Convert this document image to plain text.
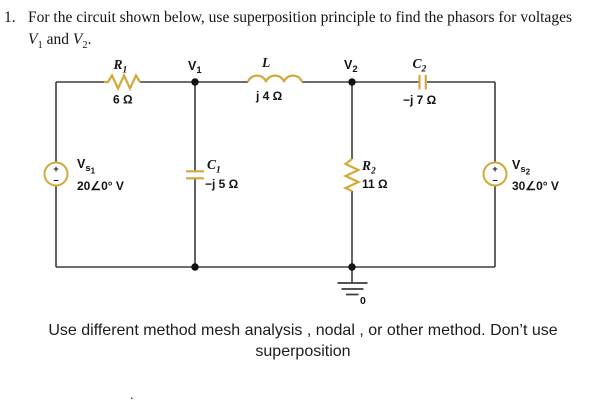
1. For the circuit shown below, use superposition principle to find the phasors for voltages
$V_1$ and $V_2$.
$R_1$
6 Ω
L
j 4 Ω
$C_2$
−j 7 Ω
$C_1$
−j 5 Ω
$R_2$
11 Ω
+
−
$V_{s1}$
20∠0° V
+
−
$V_{s2}$
30∠0° V
$V_1$	$V_2$
0
Use different method mesh analysis , nodal , or other method. Don’t use
superposition
.
